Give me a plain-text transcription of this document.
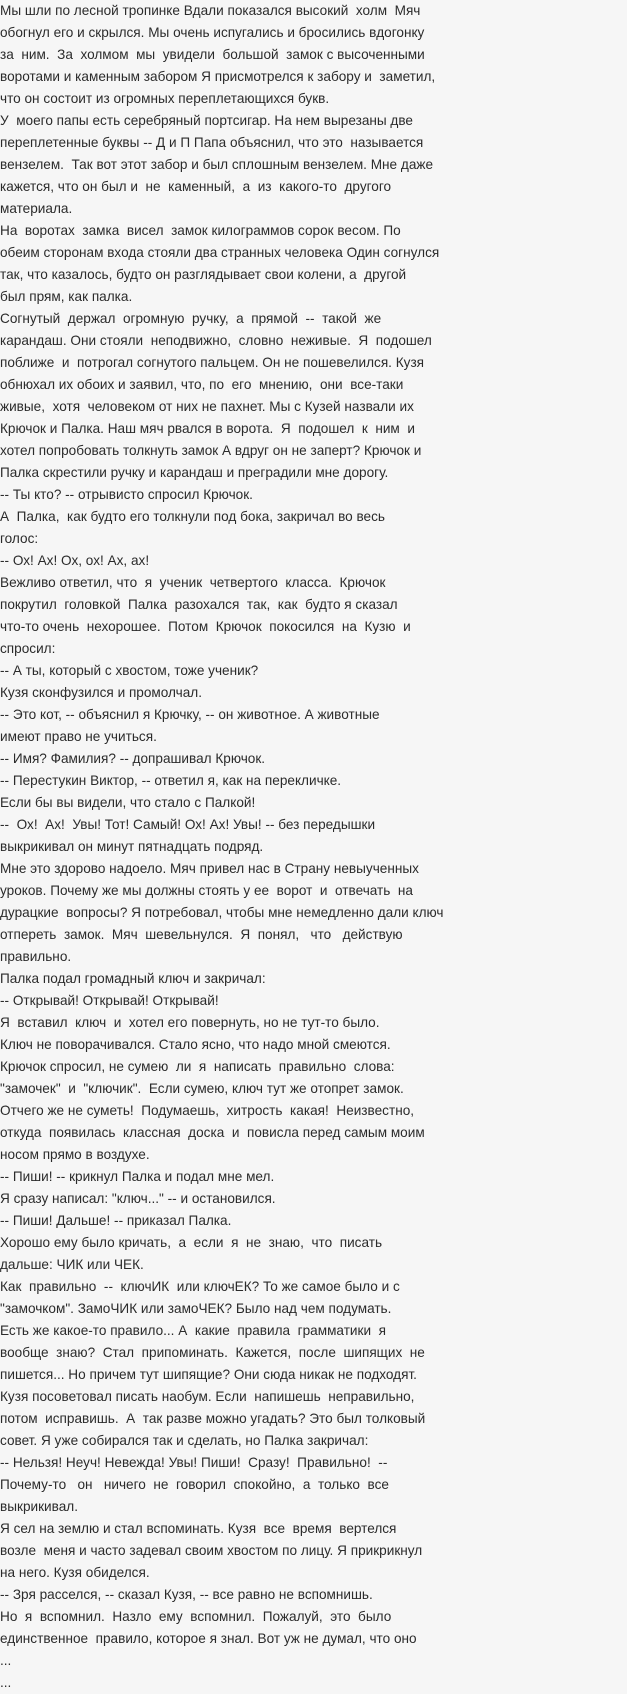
Мы шли по лесной тропинке Вдали показался высокий  холм  Мяч
обогнул его и скрылся. Мы очень испугались и бросились вдогонку
за  ним.  За  холмом  мы  увидели  большой  замок с высоченными
воротами и каменным забором Я присмотрелся к забору и  заметил,
что он состоит из огромных переплетающихся букв.
У  моего папы есть серебряный портсигар. На нем вырезаны две
переплетенные буквы -- Д и П Папа объяснил, что это  называется
вензелем.  Так вот этот забор и был сплошным вензелем. Мне даже
кажется, что он был и  не  каменный,  а  из  какого-то  другого
материала.
На  воротах  замка  висел  замок килограммов сорок весом. По
обеим сторонам входа стояли два странных человека Один согнулся
так, что казалось, будто он разглядывает свои колени, а  другой
был прям, как палка.
Согнутый  держал  огромную  ручку,  а  прямой  --  такой  же
карандаш. Они стояли  неподвижно,  словно  неживые.  Я  подошел
поближе  и  потрогал согнутого пальцем. Он не пошевелился. Кузя
обнюхал их обоих и заявил, что, по  его  мнению,  они  все-таки
живые,  хотя  человеком от них не пахнет. Мы с Кузей назвали их
Крючок и Палка. Наш мяч рвался в ворота.  Я  подошел  к  ним  и
хотел попробовать толкнуть замок А вдруг он не заперт? Крючок и
Палка скрестили ручку и карандаш и преградили мне дорогу.
-- Ты кто? -- отрывисто спросил Крючок.
А  Палка,  как будто его толкнули под бока, закричал во весь
голос:
-- Ох! Ах! Ох, ох! Ах, ах!
Вежливо ответил, что  я  ученик  четвертого  класса.  Крючок
покрутил  головкой  Палка  разохался  так,  как  будто я сказал
что-то очень  нехорошее.  Потом  Крючок  покосился  на  Кузю  и
спросил:
-- А ты, который с хвостом, тоже ученик?
Кузя сконфузился и промолчал.
-- Это кот, -- объяснил я Крючку, -- он животное. А животные
имеют право не учиться.
-- Имя? Фамилия? -- допрашивал Крючок.
-- Перестукин Виктор, -- ответил я, как на перекличке.
Если бы вы видели, что стало с Палкой!
--  Ох!  Ах!  Увы! Тот! Самый! Ох! Ах! Увы! -- без передышки
выкрикивал он минут пятнадцать подряд.
Мне это здорово надоело. Мяч привел нас в Страну невыученных
уроков. Почему же мы должны стоять у ее  ворот  и  отвечать  на
дурацкие  вопросы? Я потребовал, чтобы мне немедленно дали ключ
отпереть  замок.  Мяч  шевельнулся.  Я  понял,   что   действую
правильно.
Палка подал громадный ключ и закричал:
-- Открывай! Открывай! Открывай!
Я  вставил  ключ  и  хотел его повернуть, но не тут-то было.
Ключ не поворачивался. Стало ясно, что надо мной смеются.
Крючок спросил, не сумею  ли  я  написать  правильно  слова:
"замочек"  и  "ключик".  Если сумею, ключ тут же отопрет замок.
Отчего же не суметь!  Подумаешь,  хитрость  какая!  Неизвестно,
откуда  появилась  классная  доска  и  повисла перед самым моим
носом прямо в воздухе.
-- Пиши! -- крикнул Палка и подал мне мел.
Я сразу написал: "ключ..." -- и остановился.
-- Пиши! Дальше! -- приказал Палка.
Хорошо ему было кричать,  а  если  я  не  знаю,  что  писать
дальше: ЧИК или ЧЕК.
Как  правильно  --  ключИК  или ключЕК? То же самое было и с
"замочком". ЗамоЧИК или замоЧЕК? Было над чем подумать.
Есть же какое-то правило... А  какие  правила  грамматики  я
вообще  знаю?  Стал  припоминать.  Кажется,  после  шипящих  не
пишется... Но причем тут шипящие? Они сюда никак не подходят.
Кузя посоветовал писать наобум. Если  напишешь  неправильно,
потом  исправишь.  А  так разве можно угадать? Это был толковый
совет. Я уже собирался так и сделать, но Палка закричал:
-- Нельзя! Неуч! Невежда! Увы! Пиши!  Сразу!  Правильно!  --
Почему-то   он   ничего  не  говорил  спокойно,  а  только  все
выкрикивал.
Я сел на землю и стал вспоминать. Кузя  все  время  вертелся
возле  меня и часто задевал своим хвостом по лицу. Я прикрикнул
на него. Кузя обиделся.
-- Зря расселся, -- сказал Кузя, -- все равно не вспомнишь.
Но  я  вспомнил.  Назло  ему  вспомнил.  Пожалуй,  это  было
единственное  правило, которое я знал. Вот уж не думал, что оно
...
...
